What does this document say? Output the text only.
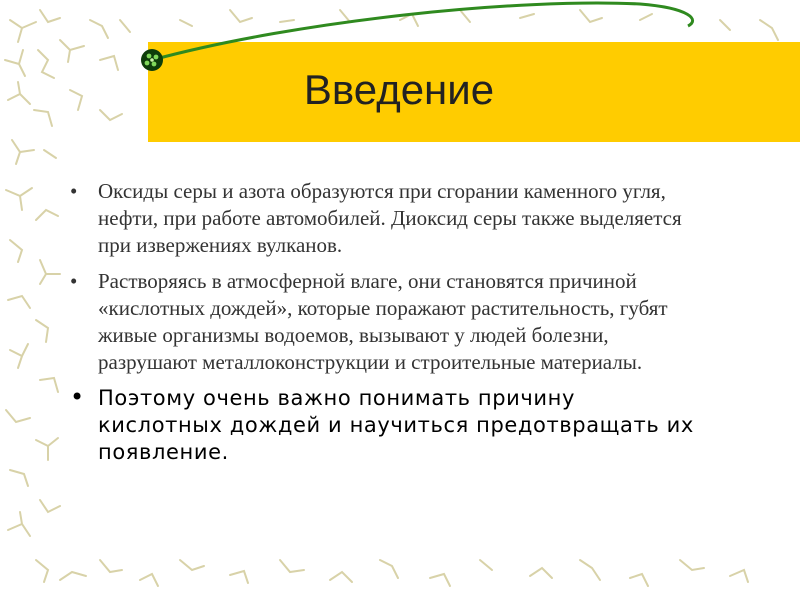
Введение
• Оксиды серы и азота образуются при сгорании каменного угля, нефти, при работе автомобилей. Диоксид серы также выделяется при извержениях вулканов.
• Растворяясь в атмосферной влаге, они становятся причиной «кислотных дождей», которые поражают растительность, губят живые организмы водоемов, вызывают у людей болезни, разрушают металлоконструкции и строительные материалы.
• Поэтому очень важно понимать причину кислотных дождей и научиться предотвращать их появление.
